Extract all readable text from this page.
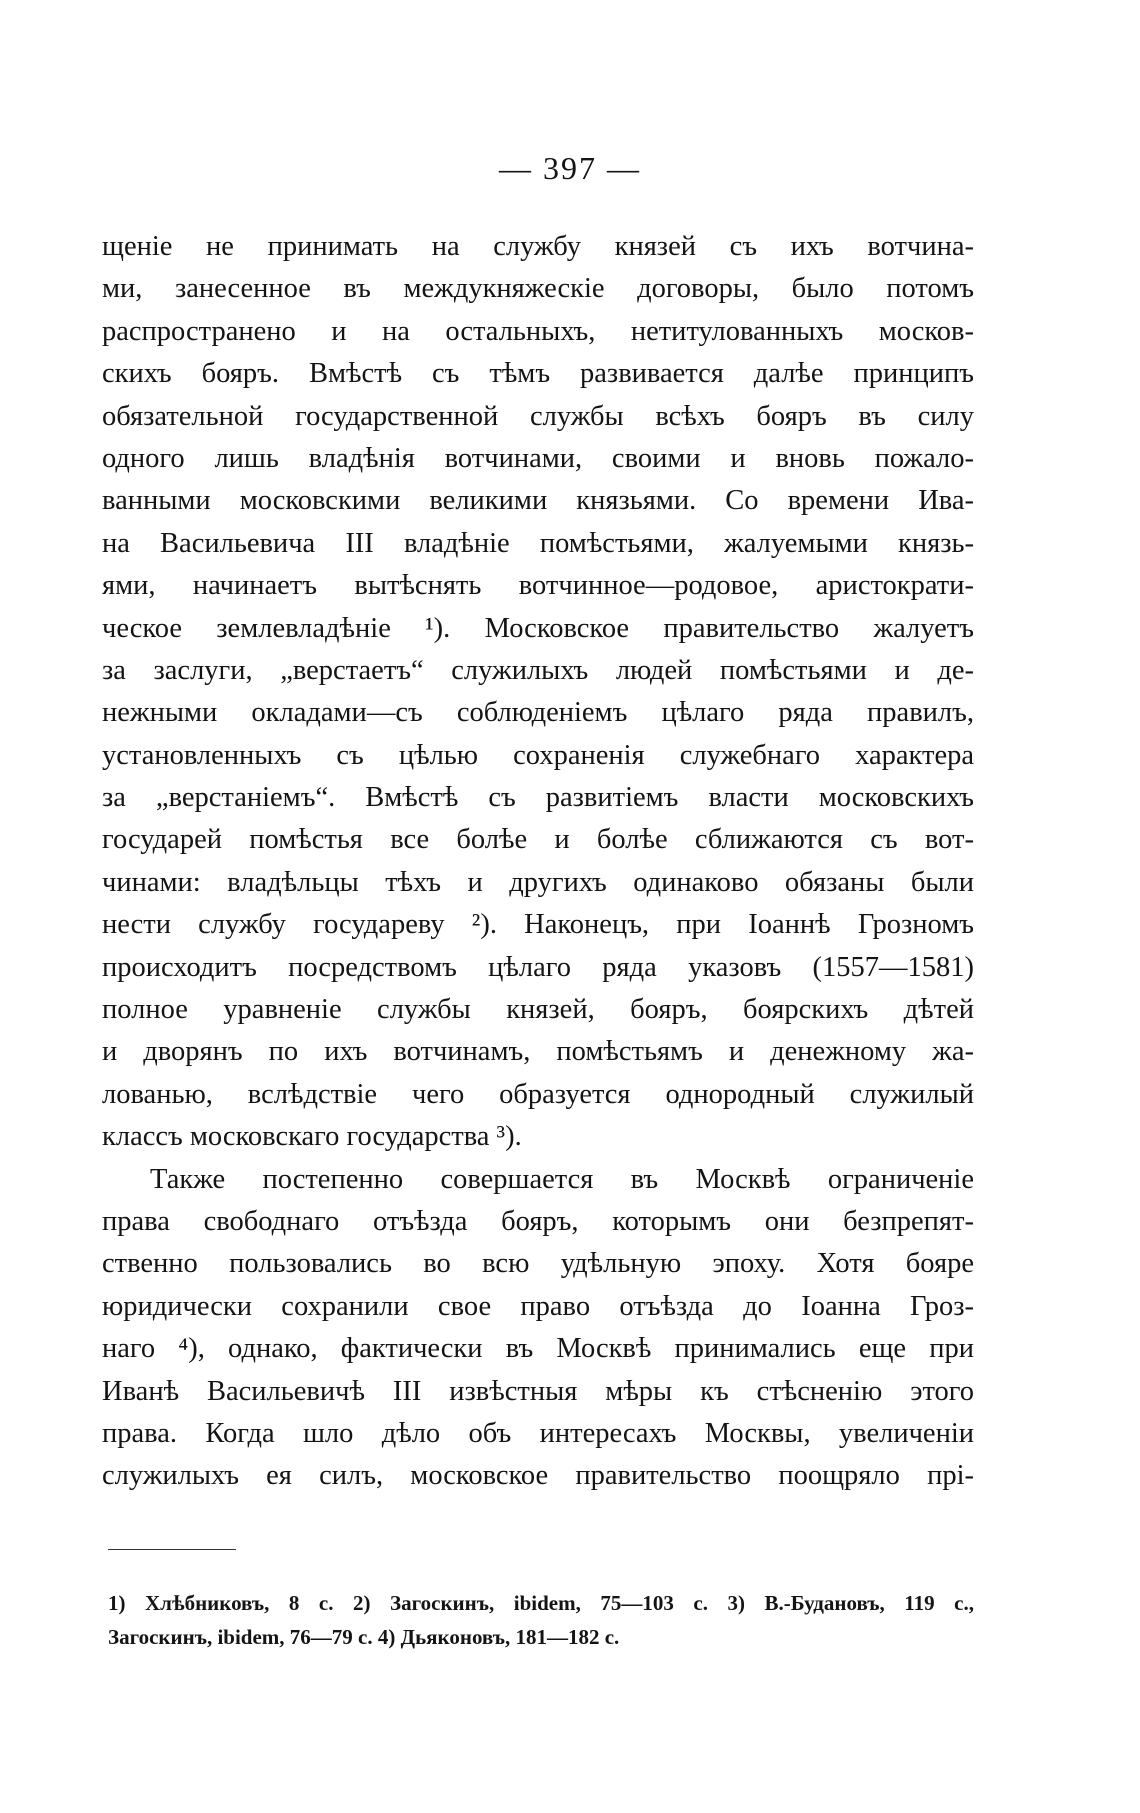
— 397 —
щеніе не принимать на службу князей съ ихъ вотчина-
ми, занесенное въ междукняжескіе договоры, было потомъ
распространено и на остальныхъ, нетитулованныхъ москов-
скихъ бояръ. Вмѣстѣ съ тѣмъ развивается далѣе принципъ
обязательной государственной службы всѣхъ бояръ въ силу
одного лишь владѣнія вотчинами, своими и вновь пожало-
ванными московскими великими князьями. Со времени Ива-
на Васильевича III владѣніе помѣстьями, жалуемыми князь-
ями, начинаетъ вытѣснять вотчинное—родовое, аристократи-
ческое землевладѣніе ¹). Московское правительство жалуетъ
за заслуги, „верстаетъ“ служилыхъ людей помѣстьями и де-
нежными окладами—съ соблюденіемъ цѣлаго ряда правилъ,
установленныхъ съ цѣлью сохраненія служебнаго характера
за „верстаніемъ“. Вмѣстѣ съ развитіемъ власти московскихъ
государей помѣстья все болѣе и болѣе сближаются съ вот-
чинами: владѣльцы тѣхъ и другихъ одинаково обязаны были
нести службу государеву ²). Наконецъ, при Іоаннѣ Грозномъ
происходитъ посредствомъ цѣлаго ряда указовъ (1557—1581)
полное уравненіе службы князей, бояръ, боярскихъ дѣтей
и дворянъ по ихъ вотчинамъ, помѣстьямъ и денежному жа-
лованью, вслѣдствіе чего образуется однородный служилый
классъ московскаго государства ³).
Также постепенно совершается въ Москвѣ ограниченіе
права свободнаго отъѣзда бояръ, которымъ они безпрепят-
ственно пользовались во всю удѣльную эпоху. Хотя бояре
юридически сохранили свое право отъѣзда до Іоанна Гроз-
наго ⁴), однако, фактически въ Москвѣ принимались еще при
Иванѣ Васильевичѣ III извѣстныя мѣры къ стѣсненію этого
права. Когда шло дѣло объ интересахъ Москвы, увеличеніи
служилыхъ ея силъ, московское правительство поощряло прі-
1) Хлѣбниковъ, 8 с. 2) Загоскинъ, ibidem, 75—103 с. 3) В.-Будановъ, 119 с.,
Загоскинъ, ibidem, 76—79 с. 4) Дьяконовъ, 181—182 с.
